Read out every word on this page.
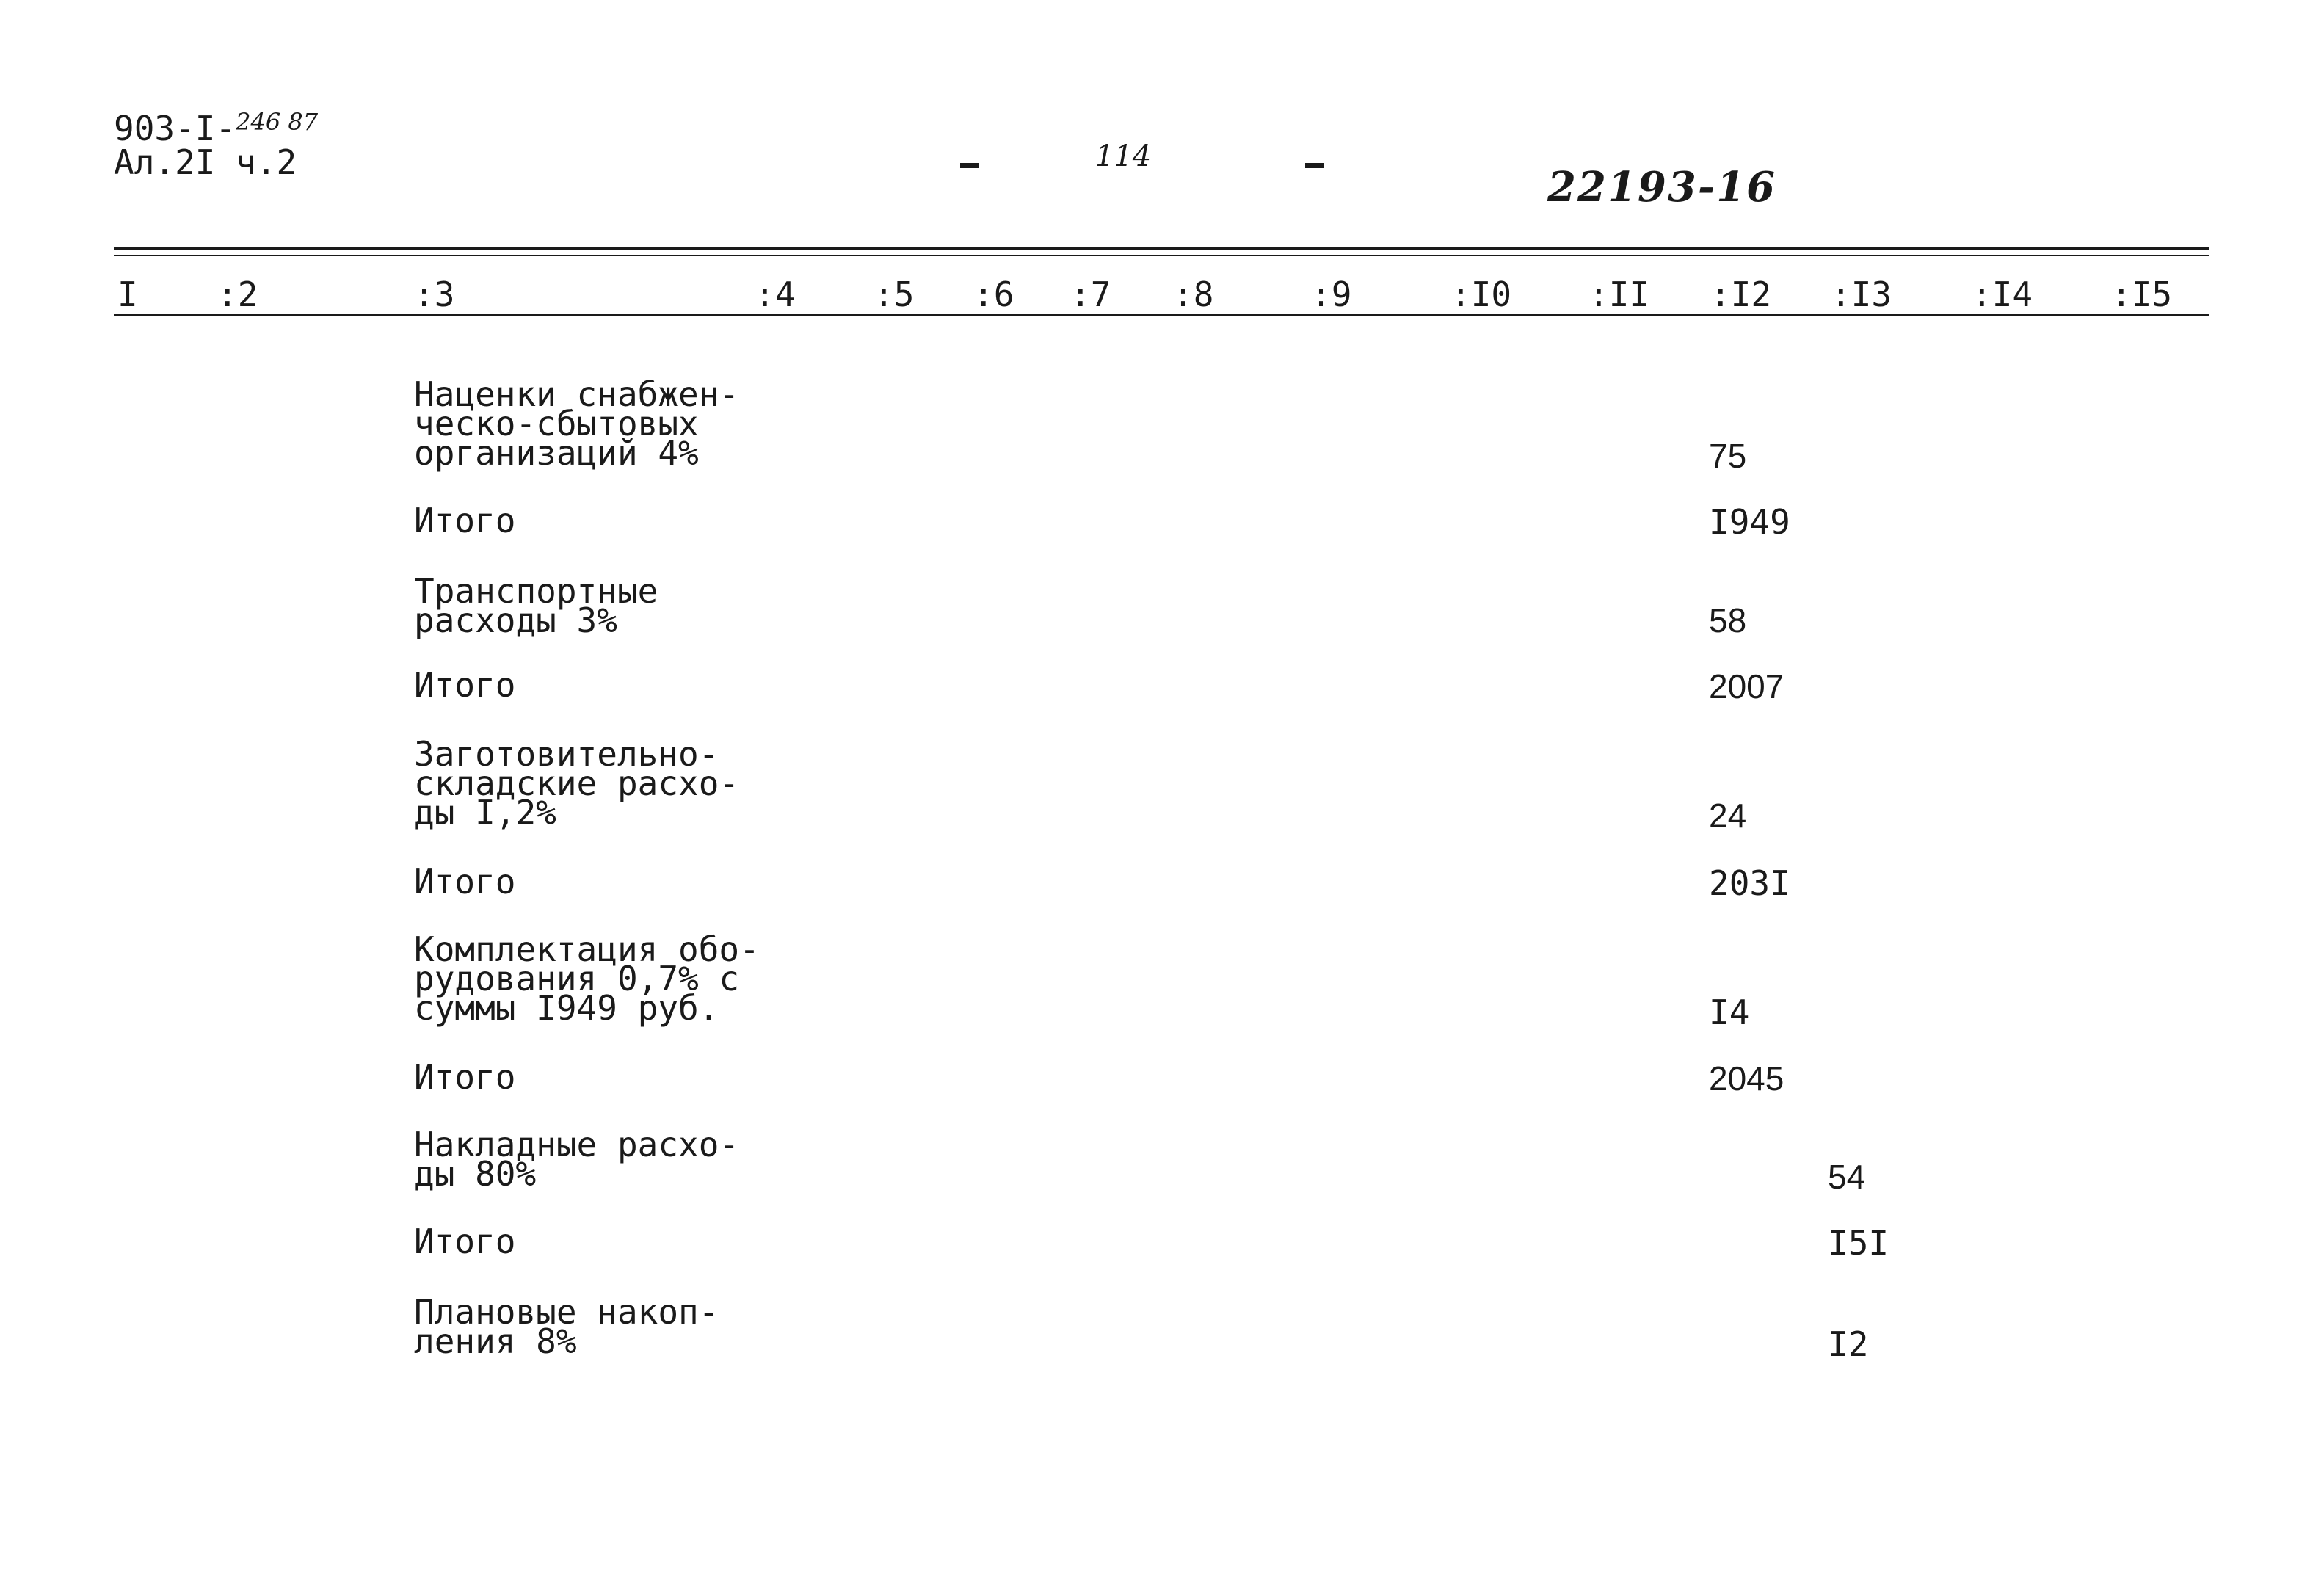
903-I-$^{246 87}$
Ал.2I ч.2	114
22193-16
I :2	:3	:4 :5 :6 :7 :8	:9	:I0 :II :I2 :I3 :I4 :I5
Наценки снабжен-
ческо-сбытовых
организаций 4%	75
Итого	I949
Транспортные
расходы 3%	58
Итого	2007
Заготовительно-
складские расхо-
ды I,2%	24
Итого	203I
Комплектация обо-
рудования 0,7% с
суммы I949 руб.	I4
Итого	2045
Накладные расхо-
ды 80%	54
Итого	I5I
Плановые накоп-
ления 8%	I2
